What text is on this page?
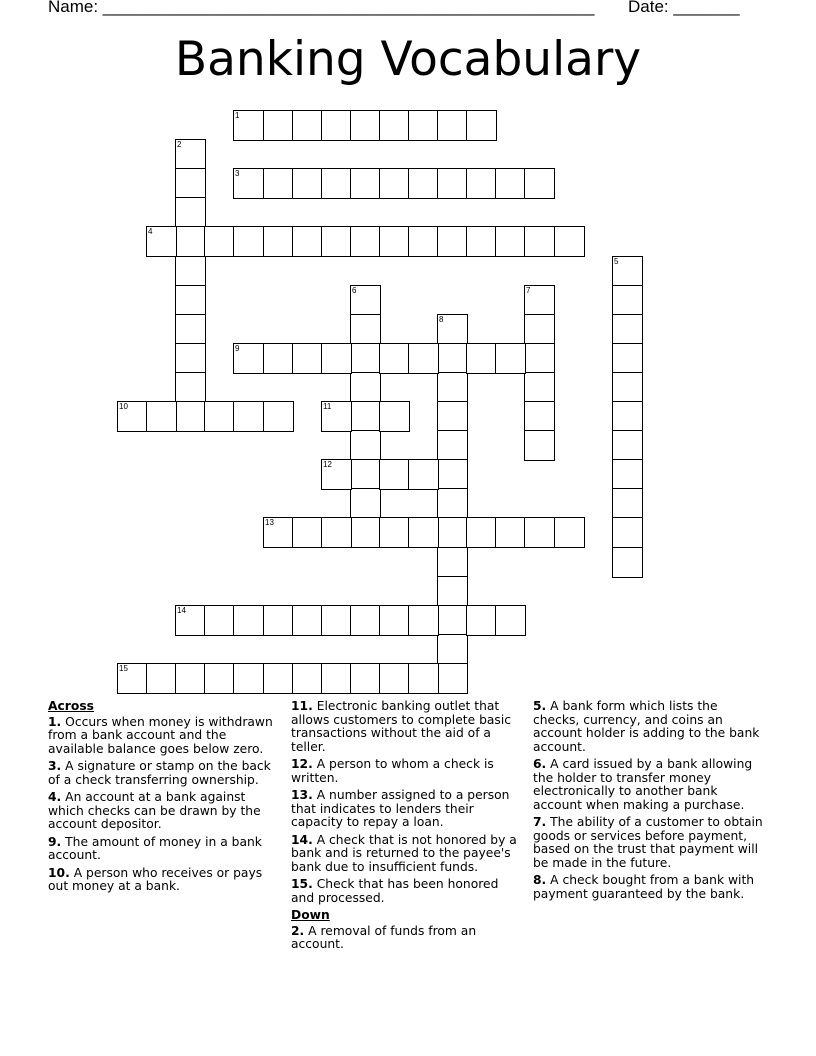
Name: ____________________________________________________ Date: _______
Banking Vocabulary
1
2
3
4
5
6	7
8
9
10	11
12
13
14
15
Across
1. Occurs when money is withdrawn from a bank account and the available balance goes below zero.
3. A signature or stamp on the back of a check transferring ownership.
4. An account at a bank against which checks can be drawn by the account depositor.
9. The amount of money in a bank account.
10. A person who receives or pays out money at a bank.
11. Electronic banking outlet that allows customers to complete basic transactions without the aid of a teller.
12. A person to whom a check is written.
13. A number assigned to a person that indicates to lenders their capacity to repay a loan.
14. A check that is not honored by a bank and is returned to the payee's bank due to insufficient funds.
15. Check that has been honored and processed.
Down
2. A removal of funds from an account.
5. A bank form which lists the checks, currency, and coins an account holder is adding to the bank account.
6. A card issued by a bank allowing the holder to transfer money electronically to another bank account when making a purchase.
7. The ability of a customer to obtain goods or services before payment, based on the trust that payment will be made in the future.
8. A check bought from a bank with payment guaranteed by the bank.
